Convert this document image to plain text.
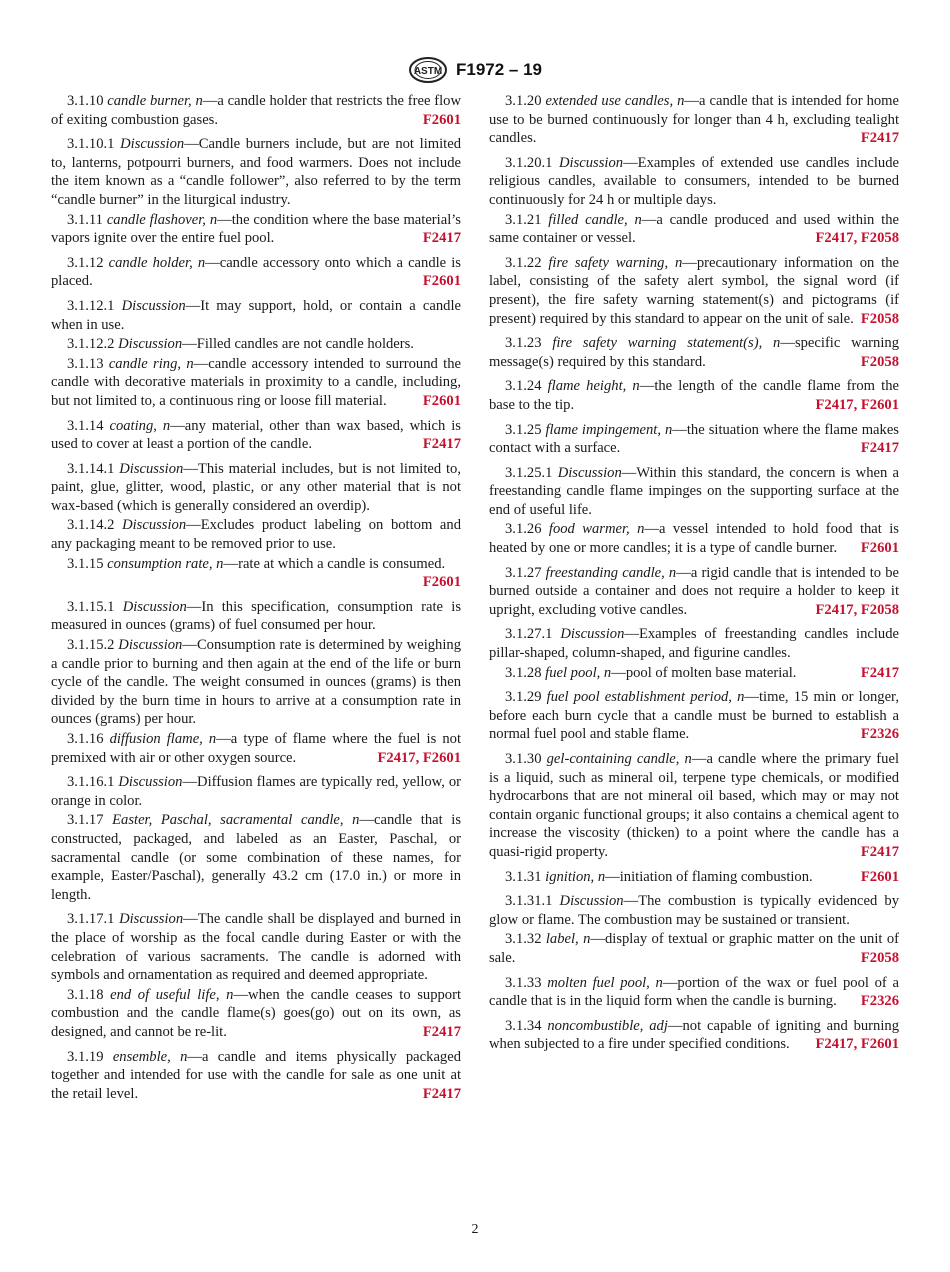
ASTM F1972 – 19

3.1.10 candle burner, n—a candle holder that restricts the free flow of exiting combustion gases.	F2601

3.1.10.1 Discussion—Candle burners include, but are not limited to, lanterns, potpourri burners, and food warmers. Does not include the item known as a “candle follower”, also referred to by the term “candle burner” in the liturgical industry.

3.1.11 candle flashover, n—the condition where the base material’s vapors ignite over the entire fuel pool.	F2417

3.1.12 candle holder, n—candle accessory onto which a candle is placed.	F2601

3.1.12.1 Discussion—It may support, hold, or contain a candle when in use.

3.1.12.2 Discussion—Filled candles are not candle holders.

3.1.13 candle ring, n—candle accessory intended to surround the candle with decorative materials in proximity to a candle, including, but not limited to, a continuous ring or loose fill material.	F2601

3.1.14 coating, n—any material, other than wax based, which is used to cover at least a portion of the candle.	F2417

3.1.14.1 Discussion—This material includes, but is not limited to, paint, glue, glitter, wood, plastic, or any other material that is not wax-based (which is generally considered an overdip).

3.1.14.2 Discussion—Excludes product labeling on bottom and any packaging meant to be removed prior to use.

3.1.15 consumption rate, n—rate at which a candle is consumed.
F2601

3.1.15.1 Discussion—In this specification, consumption rate is measured in ounces (grams) of fuel consumed per hour.

3.1.15.2 Discussion—Consumption rate is determined by weighing a candle prior to burning and then again at the end of the life or burn cycle of the candle. The weight consumed in ounces (grams) is then divided by the burn time in hours to arrive at a consumption rate in ounces (grams) per hour.

3.1.16 diffusion flame, n—a type of flame where the fuel is not premixed with air or other oxygen source.	F2417, F2601

3.1.16.1 Discussion—Diffusion flames are typically red, yellow, or orange in color.

3.1.17 Easter, Paschal, sacramental candle, n—candle that is constructed, packaged, and labeled as an Easter, Paschal, or sacramental candle (or some combination of these names, for example, Easter/Paschal), generally 43.2 cm (17.0 in.) or more in length.

3.1.17.1 Discussion—The candle shall be displayed and burned in the place of worship as the focal candle during Easter or with the celebration of various sacraments. The candle is adorned with symbols and ornamentation as required and deemed appropriate.

3.1.18 end of useful life, n—when the candle ceases to support combustion and the candle flame(s) goes(go) out on its own, as designed, and cannot be re-lit.	F2417

3.1.19 ensemble, n—a candle and items physically packaged together and intended for use with the candle for sale as one unit at the retail level.	F2417

3.1.20 extended use candles, n—a candle that is intended for home use to be burned continuously for longer than 4 h, excluding tealight candles.	F2417

3.1.20.1 Discussion—Examples of extended use candles include religious candles, available to consumers, intended to be burned continuously for 24 h or multiple days.

3.1.21 filled candle, n—a candle produced and used within the same container or vessel.	F2417, F2058

3.1.22 fire safety warning, n—precautionary information on the label, consisting of the safety alert symbol, the signal word (if present), the fire safety warning statement(s) and pictograms (if present) required by this standard to appear on the unit of sale. F2058

3.1.23 fire safety warning statement(s), n—specific warning message(s) required by this standard.	F2058

3.1.24 flame height, n—the length of the candle flame from the base to the tip.	F2417, F2601

3.1.25 flame impingement, n—the situation where the flame makes contact with a surface.	F2417

3.1.25.1 Discussion—Within this standard, the concern is when a freestanding candle flame impinges on the supporting surface at the end of useful life.

3.1.26 food warmer, n—a vessel intended to hold food that is heated by one or more candles; it is a type of candle burner.	F2601

3.1.27 freestanding candle, n—a rigid candle that is intended to be burned outside a container and does not require a holder to keep it upright, excluding votive candles.	F2417, F2058

3.1.27.1 Discussion—Examples of freestanding candles include pillar-shaped, column-shaped, and figurine candles.

3.1.28 fuel pool, n—pool of molten base material.	F2417

3.1.29 fuel pool establishment period, n—time, 15 min or longer, before each burn cycle that a candle must be burned to establish a normal fuel pool and stable flame.	F2326

3.1.30 gel-containing candle, n—a candle where the primary fuel is a liquid, such as mineral oil, terpene type chemicals, or modified hydrocarbons that are not mineral oil based, which may or may not contain organic functional groups; it also contains a chemical agent to increase the viscosity (thicken) to a point where the candle has a quasi-rigid property.	F2417

3.1.31 ignition, n—initiation of flaming combustion.	F2601

3.1.31.1 Discussion—The combustion is typically evidenced by glow or flame. The combustion may be sustained or transient.

3.1.32 label, n—display of textual or graphic matter on the unit of sale.	F2058

3.1.33 molten fuel pool, n—portion of the wax or fuel pool of a candle that is in the liquid form when the candle is burning.	F2326

3.1.34 noncombustible, adj—not capable of igniting and burning when subjected to a fire under specified conditions.	F2417, F2601

2
